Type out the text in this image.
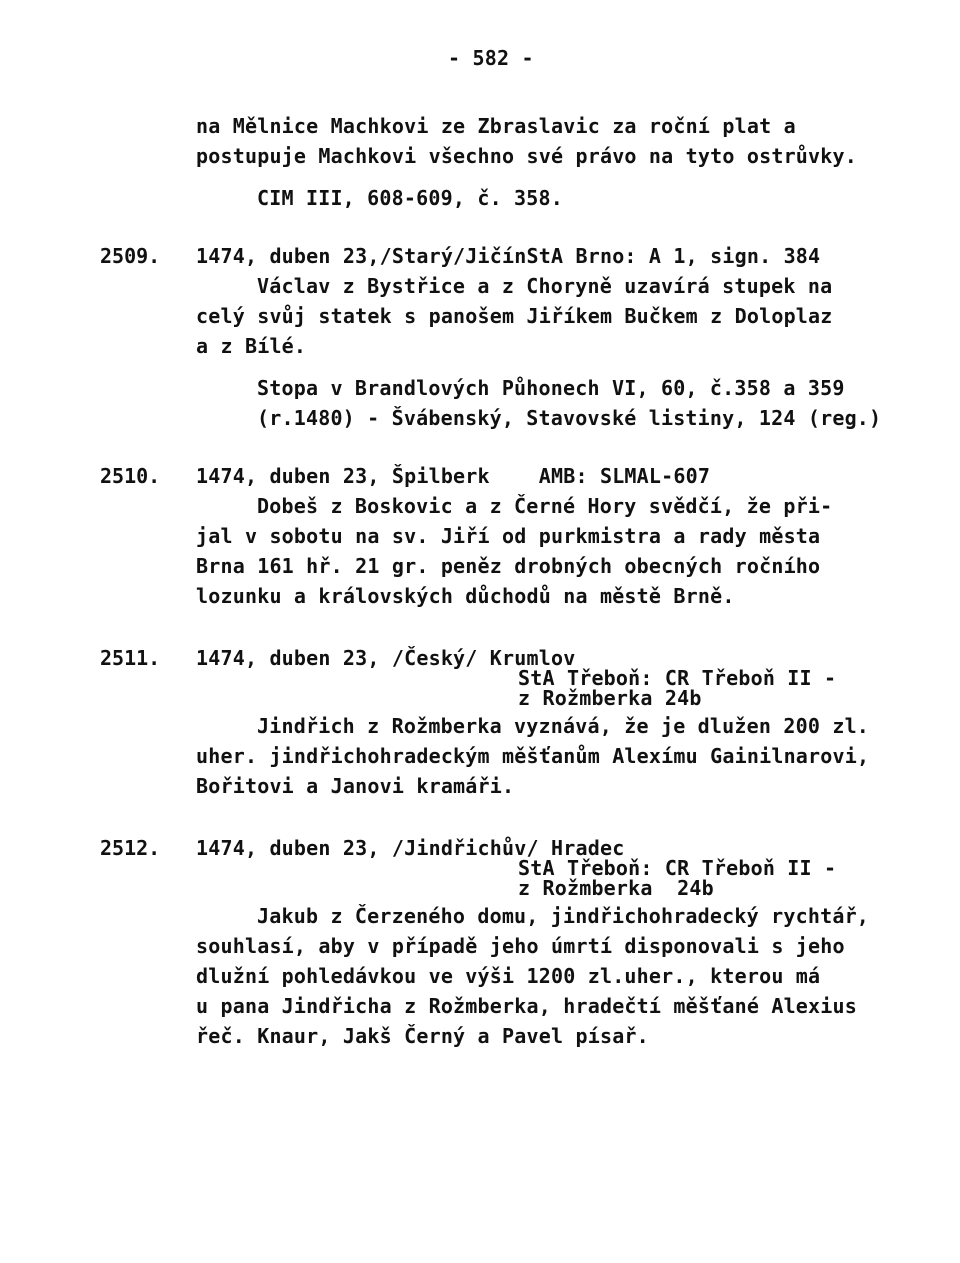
- 582 -
na Mělnice Machkovi ze Zbraslavic za roční plat a
postupuje Machkovi všechno své právo na tyto ostrůvky.
CIM III, 608-609, č. 358.
2509. 1474, duben 23,/Starý/JičínStA Brno: A 1, sign. 384
Václav z Bystřice a z Choryně uzavírá stupek na
celý svůj statek s panošem Jiříkem Bučkem z Doloplaz
a z Bílé.
Stopa v Brandlových Půhonech VI, 60, č.358 a 359
(r.1480) - Švábenský, Stavovské listiny, 124 (reg.)
2510. 1474, duben 23, Špilberk    AMB: SLMAL-607
Dobeš z Boskovic a z Černé Hory svědčí, že při-
jal v sobotu na sv. Jiří od purkmistra a rady města
Brna 161 hř. 21 gr. peněz drobných obecných ročního
lozunku a královských důchodů na městě Brně.
2511. 1474, duben 23, /Český/ Krumlov
StA Třeboň: CR Třeboň II -
z Rožmberka 24b
Jindřich z Rožmberka vyznává, že je dlužen 200 zl.
uher. jindřichohradeckým měšťanům Alexímu Gainilnarovi,
Bořitovi a Janovi kramáři.
2512. 1474, duben 23, /Jindřichův/ Hradec
StA Třeboň: CR Třeboň II -
z Rožmberka  24b
Jakub z Čerzeného domu, jindřichohradecký rychtář,
souhlasí, aby v případě jeho úmrtí disponovali s jeho
dlužní pohledávkou ve výši 1200 zl.uher., kterou má
u pana Jindřicha z Rožmberka, hradečtí měšťané Alexius
řeč. Knaur, Jakš Černý a Pavel písař.
